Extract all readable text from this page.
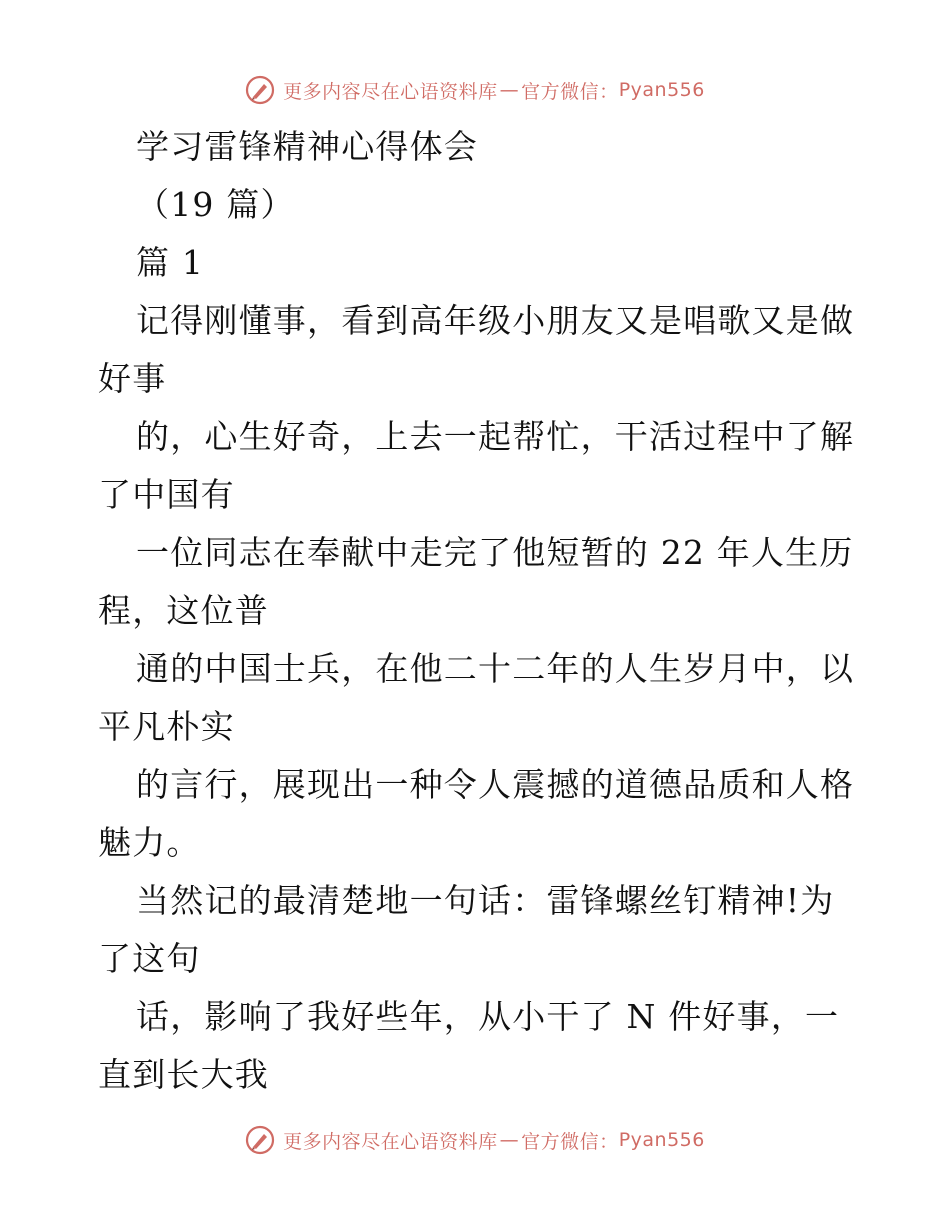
更多内容尽在心语资料库 — 官方微信： Pyan556
学习雷锋精神心得体会
（19 篇）
篇 1
记得刚懂事，看到高年级小朋友又是唱歌又是做
好事
的，心生好奇，上去一起帮忙，干活过程中了解
了中国有
一位同志在奉献中走完了他短暂的 22 年人生历
程，这位普
通的中国士兵，在他二十二年的人生岁月中，以
平凡朴实
的言行，展现出一种令人震撼的道德品质和人格
魅力。
当然记的最清楚地一句话：雷锋螺丝钉精神!为
了这句
话，影响了我好些年，从小干了 N 件好事，一
直到长大我
更多内容尽在心语资料库 — 官方微信： Pyan556
